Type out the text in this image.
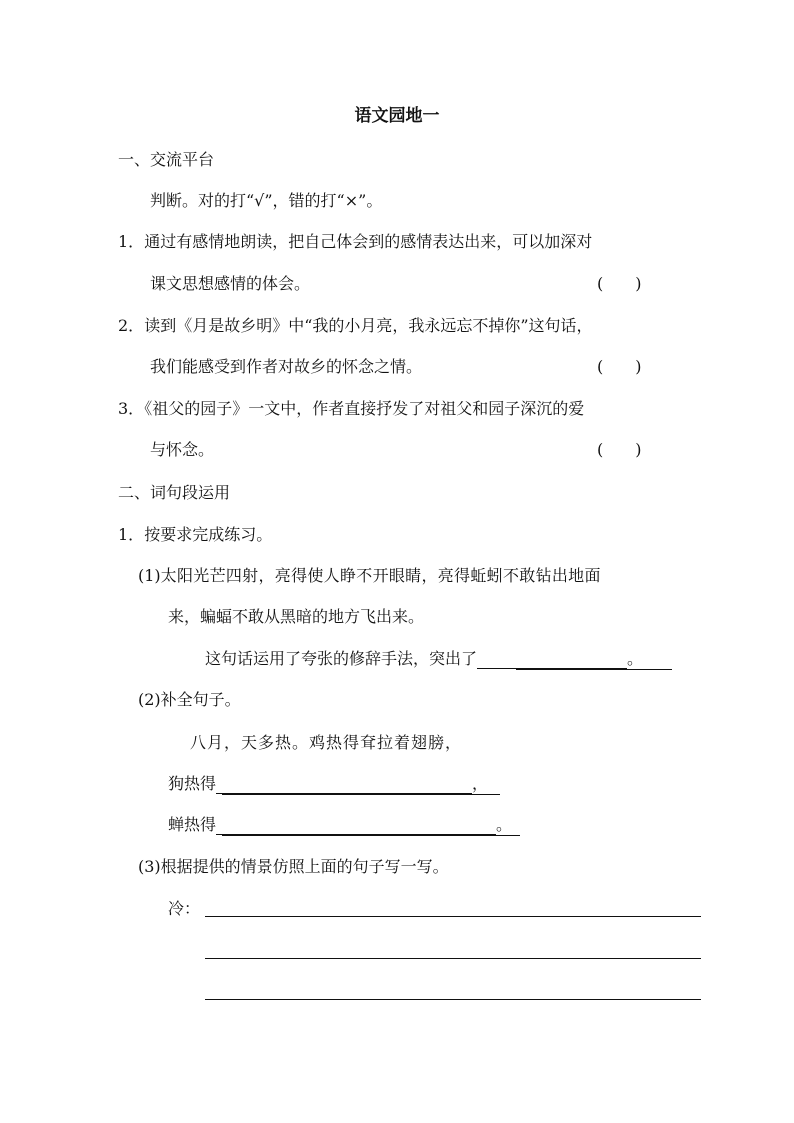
语文园地一
一、交流平台
判断。对的打“√”，错的打“×”。
1．通过有感情地朗读，把自己体会到的感情表达出来，可以加深对
课文思想感情的体会。	(　　)
2．读到《月是故乡明》中“我的小月亮，我永远忘不掉你”这句话，
我们能感受到作者对故乡的怀念之情。	(　　)
3．《祖父的园子》一文中，作者直接抒发了对祖父和园子深沉的爱
与怀念。	(　　)
二、词句段运用
1．按要求完成练习。
(1)太阳光芒四射，亮得使人睁不开眼睛，亮得蚯蚓不敢钻出地面
来，蝙蝠不敢从黑暗的地方飞出来。
这句话运用了夸张的修辞手法，突出了	。
(2)补全句子。
八月，天多热。鸡热得耷拉着翅膀，
狗热得	，
蝉热得	。
(3)根据提供的情景仿照上面的句子写一写。
冷：
